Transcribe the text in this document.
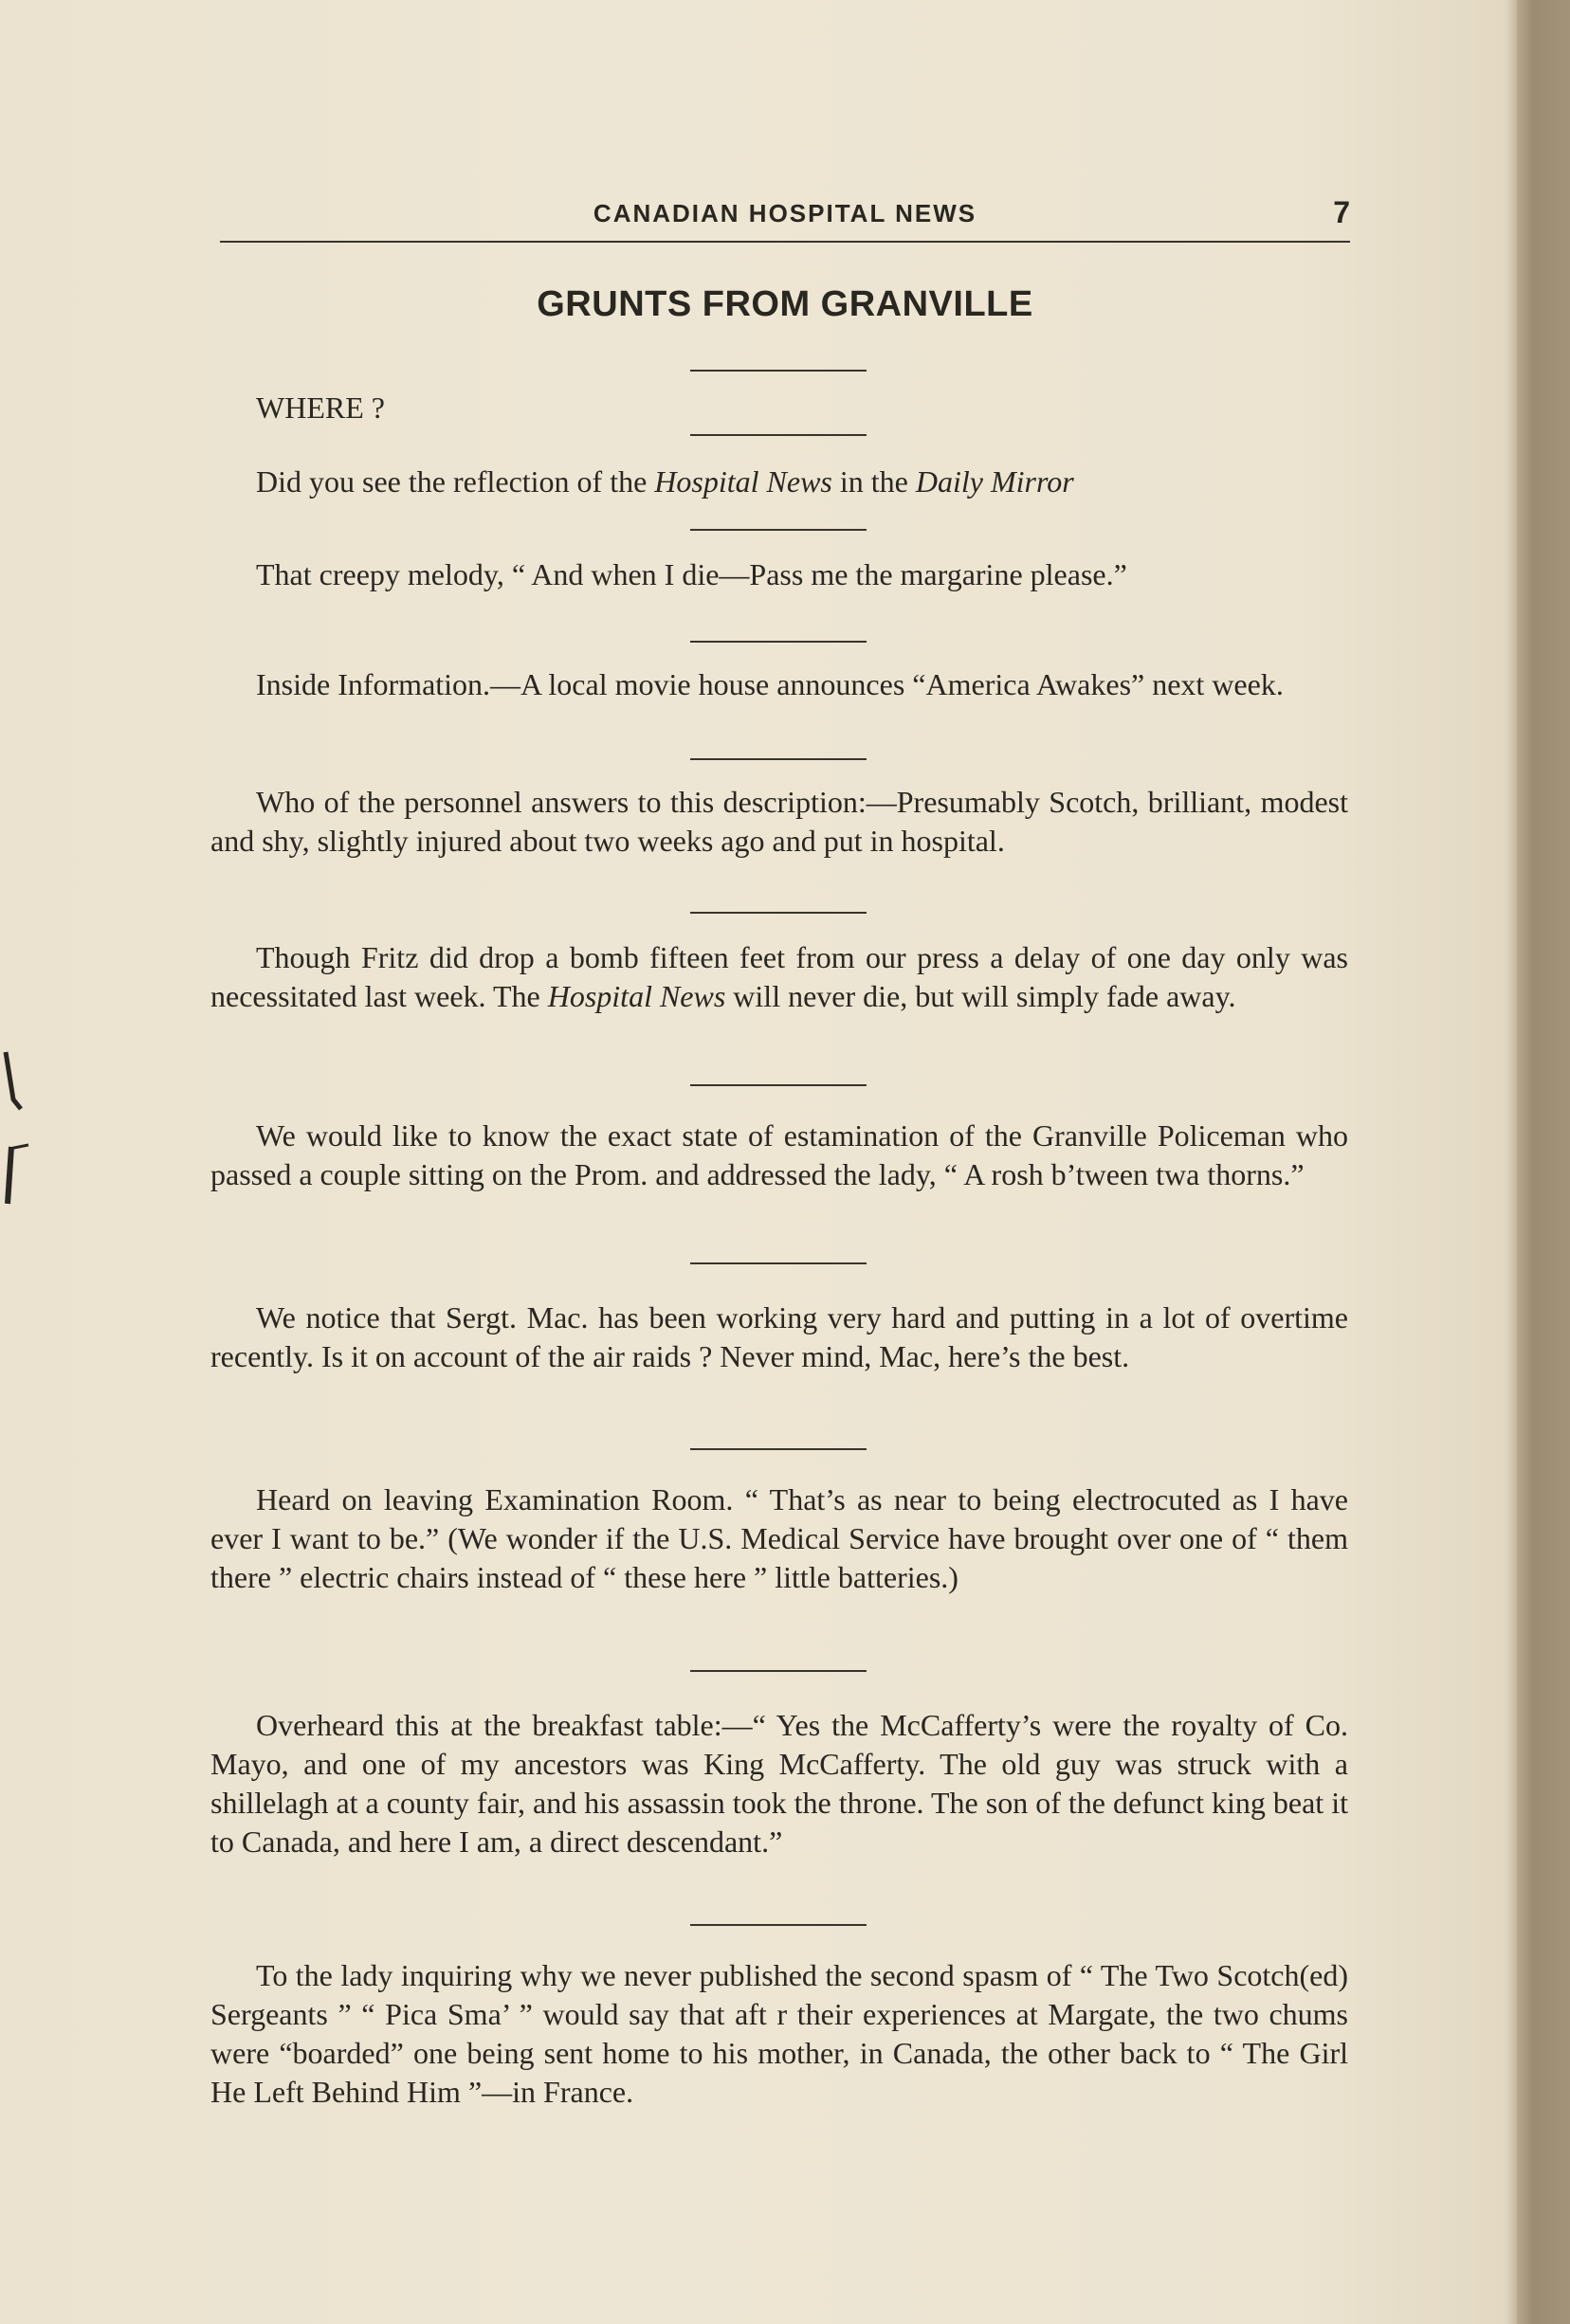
CANADIAN HOSPITAL NEWS	7
GRUNTS FROM GRANVILLE
WHERE ?
Did you see the reflection of the Hospital News in the Daily Mirror
That creepy melody, “ And when I die—Pass me the margarine please.”
Inside Information.—A local movie house announces “America Awakes” next week.
Who of the personnel answers to this description:—Presumably Scotch, brilliant, modest and shy, slightly injured about two weeks ago and put in hospital.
Though Fritz did drop a bomb fifteen feet from our press a delay of one day only was necessitated last week. The Hospital News will never die, but will simply fade away.
We would like to know the exact state of estamination of the Granville Policeman who passed a couple sitting on the Prom. and addressed the lady, “ A rosh b’tween twa thorns.”
We notice that Sergt. Mac. has been working very hard and putting in a lot of overtime recently. Is it on account of the air raids ? Never mind, Mac, here’s the best.
Heard on leaving Examination Room. “ That’s as near to being electrocuted as I have ever I want to be.” (We wonder if the U.S. Medical Service have brought over one of “ them there ” electric chairs instead of “ these here ” little batteries.)
Overheard this at the breakfast table:—“ Yes the McCafferty’s were the royalty of Co. Mayo, and one of my ancestors was King McCafferty. The old guy was struck with a shillelagh at a county fair, and his assassin took the throne. The son of the defunct king beat it to Canada, and here I am, a direct descendant.”
To the lady inquiring why we never published the second spasm of “ The Two Scotch(ed) Sergeants ” “ Pica Sma’ ” would say that aft r their experiences at Margate, the two chums were “boarded” one being sent home to his mother, in Canada, the other back to “ The Girl He Left Behind Him ”—in France.
